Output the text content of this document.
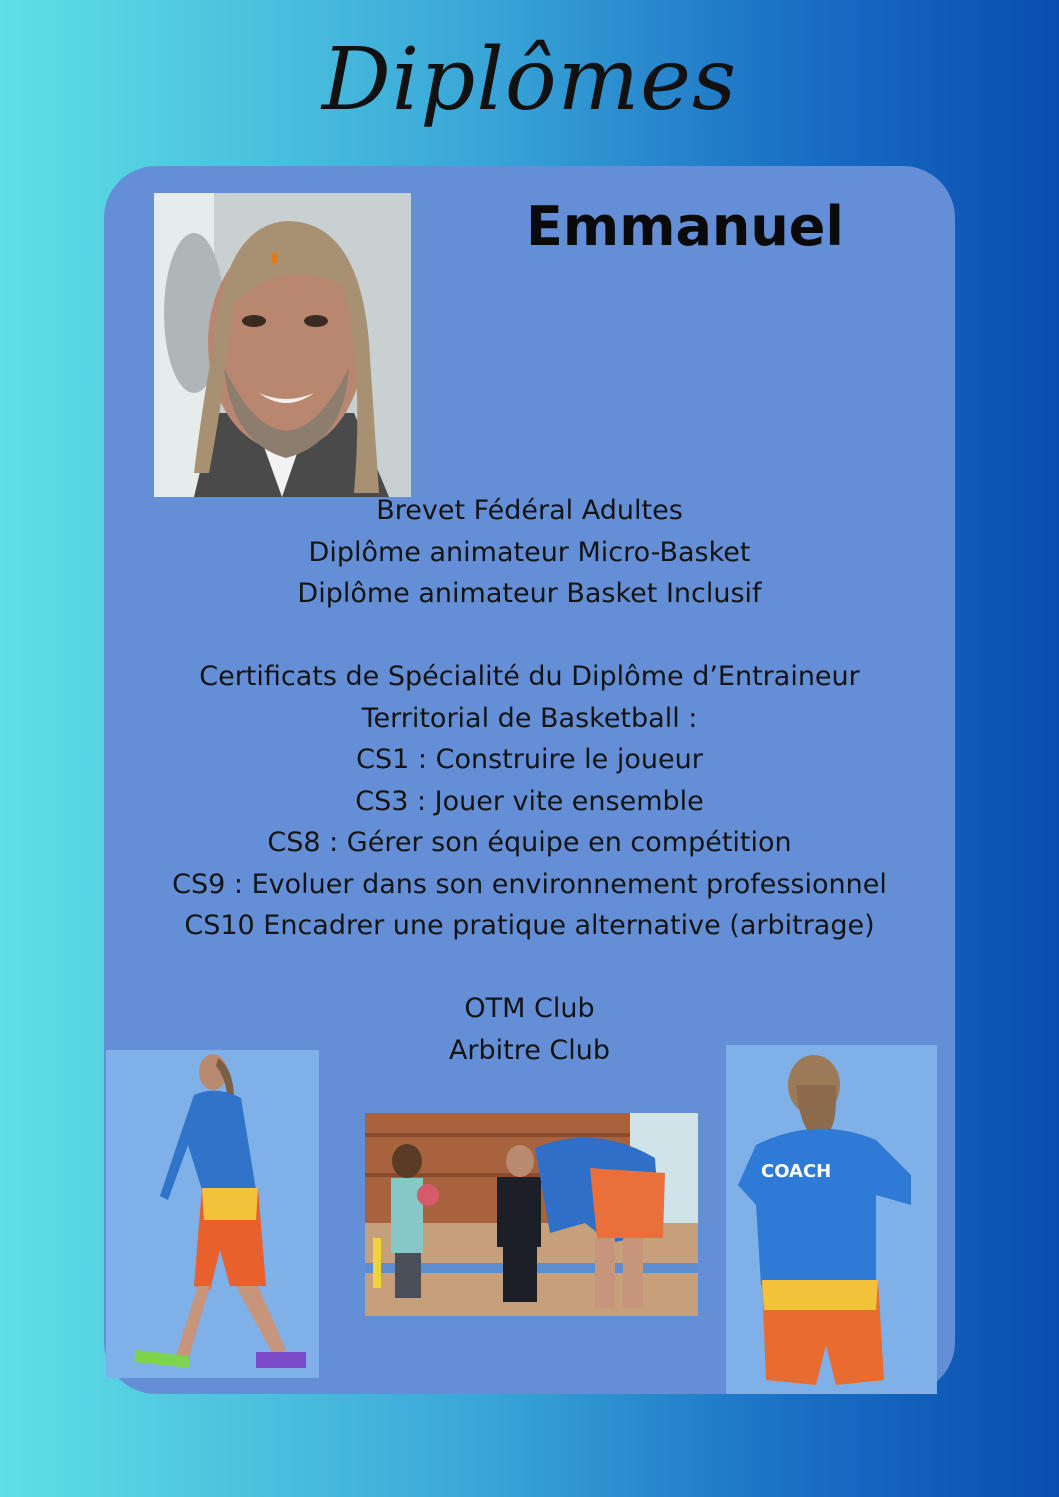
Diplômes
Emmanuel
Brevet Fédéral Adultes
Diplôme animateur Micro-Basket
Diplôme animateur Basket Inclusif
Certificats de Spécialité du Diplôme d’Entraineur
Territorial de Basketball :
CS1 : Construire le joueur
CS3 : Jouer vite ensemble
CS8 : Gérer son équipe en compétition
CS9 : Evoluer dans son environnement professionnel
CS10 Encadrer une pratique alternative (arbitrage)
OTM Club
Arbitre Club
COACH
